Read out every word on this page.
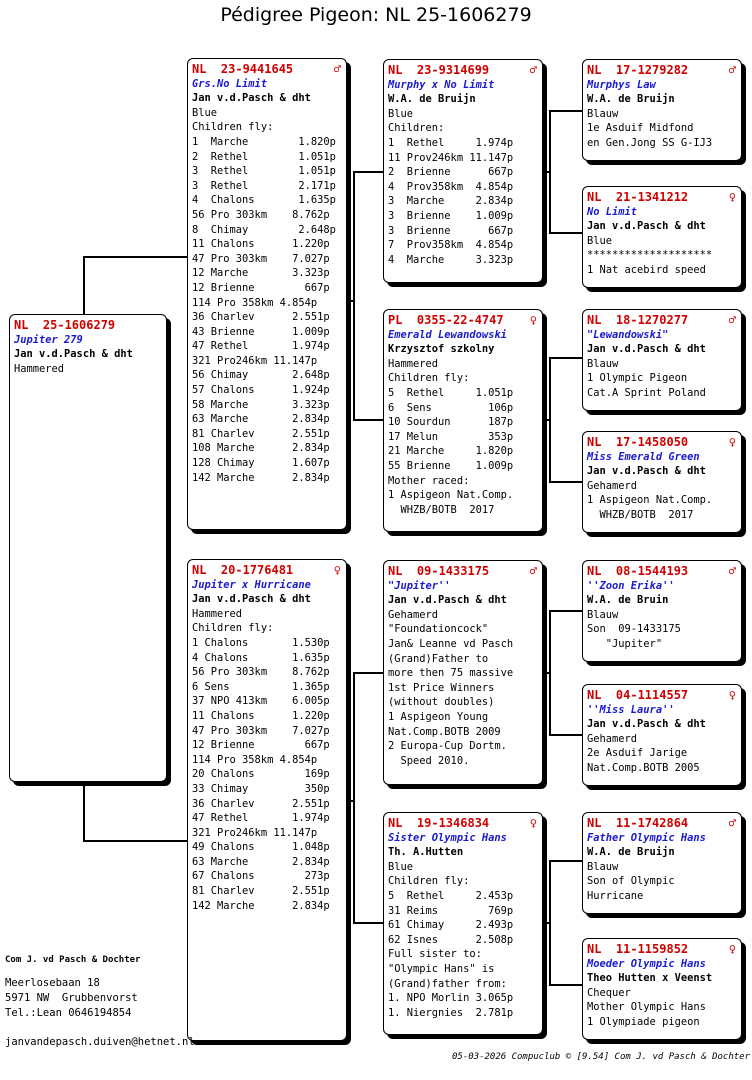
Pédigree Pigeon: NL 25-1606279
NL  25-1606279
Jupiter 279
Jan v.d.Pasch & dht
Hammered
NL  23-9441645	♂
Grs.No Limit
Jan v.d.Pasch & dht
Blue
Children fly:
1  Marche        1.820p
2  Rethel        1.051p
3  Rethel        1.051p
3  Rethel        2.171p
4  Chalons       1.635p
56 Pro 303km    8.762p
8  Chimay        2.648p
11 Chalons      1.220p
47 Pro 303km    7.027p
12 Marche       3.323p
12 Brienne        667p
114 Pro 358km 4.854p
36 Charlev      2.551p
43 Brienne      1.009p
47 Rethel       1.974p
321 Pro246km 11.147p
56 Chimay       2.648p
57 Chalons      1.924p
58 Marche       3.323p
63 Marche       2.834p
81 Charlev      2.551p
108 Marche      2.834p
128 Chimay      1.607p
142 Marche      2.834p
NL  20-1776481	♀
Jupiter x Hurricane
Jan v.d.Pasch & dht
Hammered
Children fly:
1 Chalons       1.530p
4 Chalons       1.635p
56 Pro 303km    8.762p
6 Sens          1.365p
37 NPO 413km    6.005p
11 Chalons      1.220p
47 Pro 303km    7.027p
12 Brienne        667p
114 Pro 358km 4.854p
20 Chalons        169p
33 Chimay         350p
36 Charlev      2.551p
47 Rethel       1.974p
321 Pro246km 11.147p
49 Chalons      1.048p
63 Marche       2.834p
67 Chalons        273p
81 Charlev      2.551p
142 Marche      2.834p
NL  23-9314699	♂
Murphy x No Limit
W.A. de Bruijn
Blue
Children:
1  Rethel     1.974p
11 Prov246km 11.147p
2  Brienne      667p
4  Prov358km  4.854p
3  Marche     2.834p
3  Brienne    1.009p
3  Brienne      667p
7  Prov358km  4.854p
4  Marche     3.323p
PL  0355-22-4747	♀
Emerald Lewandowski
Krzysztof szkolny
Hammered
Children fly:
5  Rethel     1.051p
6  Sens         106p
10 Sourdun      187p
17 Melun        353p
21 Marche     1.820p
55 Brienne    1.009p
Mother raced:
1 Aspigeon Nat.Comp.
WHZB/BOTB  2017
NL  09-1433175	♂
"Jupiter''
Jan v.d.Pasch & dht
Gehamerd
"Foundationcock"
Jan& Leanne vd Pasch
(Grand)Father to
more then 75 massive
1st Price Winners
(without doubles)
1 Aspigeon Young
Nat.Comp.BOTB 2009
2 Europa-Cup Dortm.
Speed 2010.
NL  19-1346834	♀
Sister Olympic Hans
Th. A.Hutten
Blue
Children fly:
5  Rethel     2.453p
31 Reims        769p
61 Chimay     2.493p
62 Isnes      2.508p
Full sister to:
"Olympic Hans" is
(Grand)father from:
1. NPO Morlin 3.065p
1. Niergnies  2.781p
NL  17-1279282	♂
Murphys Law
W.A. de Bruijn
Blauw
1e Asduif Midfond
en Gen.Jong SS G-IJ3
NL  21-1341212	♀
No Limit
Jan v.d.Pasch & dht
Blue
********************
1 Nat acebird speed
NL  18-1270277	♂
"Lewandowski"
Jan v.d.Pasch & dht
Blauw
1 Olympic Pigeon
Cat.A Sprint Poland
NL  17-1458050	♀
Miss Emerald Green
Jan v.d.Pasch & dht
Gehamerd
1 Aspigeon Nat.Comp.
WHZB/BOTB  2017
NL  08-1544193	♂
''Zoon Erika''
W.A. de Bruin
Blauw
Son  09-1433175
"Jupiter"
NL  04-1114557	♀
''Miss Laura''
Jan v.d.Pasch & dht
Gehamerd
2e Asduif Jarige
Nat.Comp.BOTB 2005
NL  11-1742864	♂
Father Olympic Hans
W.A. de Bruijn
Blauw
Son of Olympic
Hurricane
NL  11-1159852	♀
Moeder Olympic Hans
Theo Hutten x Veenst
Chequer
Mother Olympic Hans
1 Olympiade pigeon
Com J. vd Pasch & Dochter
Meerlosebaan 18
5971 NW  Grubbenvorst
Tel.:Lean 0646194854
janvandepasch.duiven@hetnet.nl
05-03-2026 Compuclub © [9.54] Com J. vd Pasch & Dochter
